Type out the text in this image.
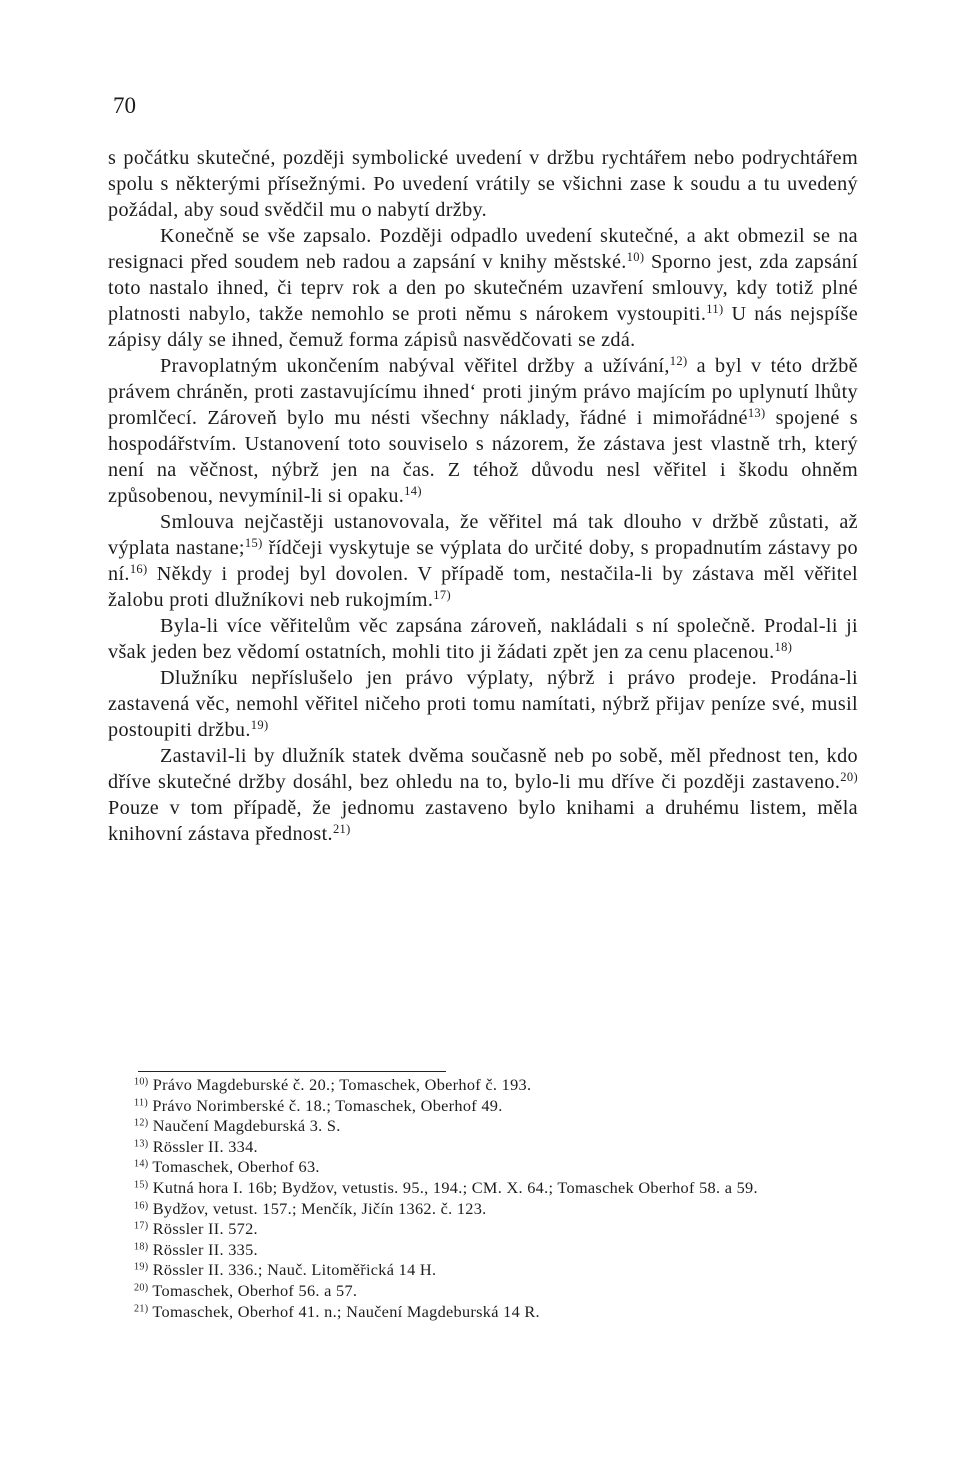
70

s počátku skutečné, později symbolické uvedení v držbu rychtářem nebo podrychtářem spolu s některými přísežnými. Po uvedení vrátily se všichni zase k soudu a tu uvedený požádal, aby soud svědčil mu o nabytí držby.

Konečně se vše zapsalo. Později odpadlo uvedení skutečné, a akt obmezil se na resignaci před soudem neb radou a zapsání v knihy městské.$^{10)}$ Sporno jest, zda zapsání toto nastalo ihned, či teprv rok a den po skutečném uzavření smlouvy, kdy totiž plné platnosti nabylo, takže nemohlo se proti němu s nárokem vystoupiti.$^{11)}$ U nás nejspíše zápisy dály se ihned, čemuž forma zápisů nasvědčovati se zdá.

Pravoplatným ukončením nabýval věřitel držby a užívání,$^{12)}$ a byl v této držbě právem chráněn, proti zastavujícímu ihned‘ proti jiným právo majícím po uplynutí lhůty promlčecí. Zároveň bylo mu nésti všechny náklady, řádné i mimořádné$^{13)}$ spojené s hospodářstvím. Ustanovení toto souviselo s názorem, že zástava jest vlastně trh, který není na věčnost, nýbrž jen na čas. Z téhož důvodu nesl věřitel i škodu ohněm způsobenou, nevymínil-li si opaku.$^{14)}$

Smlouva nejčastěji ustanovovala, že věřitel má tak dlouho v držbě zůstati, až výplata nastane;$^{15)}$ řídčeji vyskytuje se výplata do určité doby, s propadnutím zástavy po ní.$^{16)}$ Někdy i prodej byl dovolen. V případě tom, nestačila-li by zástava měl věřitel žalobu proti dlužníkovi neb rukojmím.$^{17)}$

Byla-li více věřitelům věc zapsána zároveň, nakládali s ní společně. Prodal-li ji však jeden bez vědomí ostatních, mohli tito ji žádati zpět jen za cenu placenou.$^{18)}$

Dlužníku nepříslušelo jen právo výplaty, nýbrž i právo prodeje. Prodána-li zastavená věc, nemohl věřitel ničeho proti tomu namítati, nýbrž přijav peníze své, musil postoupiti držbu.$^{19)}$

Zastavil-li by dlužník statek dvěma současně neb po sobě, měl přednost ten, kdo dříve skutečné držby dosáhl, bez ohledu na to, bylo-li mu dříve či později zastaveno.$^{20)}$ Pouze v tom případě, že jednomu zastaveno bylo knihami a druhému listem, měla knihovní zástava přednost.$^{21)}$

$^{10)}$ Právo Magdeburské č. 20.; Tomaschek, Oberhof č. 193.
$^{11)}$ Právo Norimberské č. 18.; Tomaschek, Oberhof 49.
$^{12)}$ Naučení Magdeburská 3. S.
$^{13)}$ Rössler II. 334.
$^{14)}$ Tomaschek, Oberhof 63.
$^{15)}$ Kutná hora I. 16b; Bydžov, vetustis. 95., 194.; CM. X. 64.; Tomaschek Oberhof 58. a 59.
$^{16)}$ Bydžov, vetust. 157.; Menčík, Jičín 1362. č. 123.
$^{17)}$ Rössler II. 572.
$^{18)}$ Rössler II. 335.
$^{19)}$ Rössler II. 336.; Nauč. Litoměřická 14 H.
$^{20)}$ Tomaschek, Oberhof 56. a 57.
$^{21)}$ Tomaschek, Oberhof 41. n.; Naučení Magdeburská 14 R.
